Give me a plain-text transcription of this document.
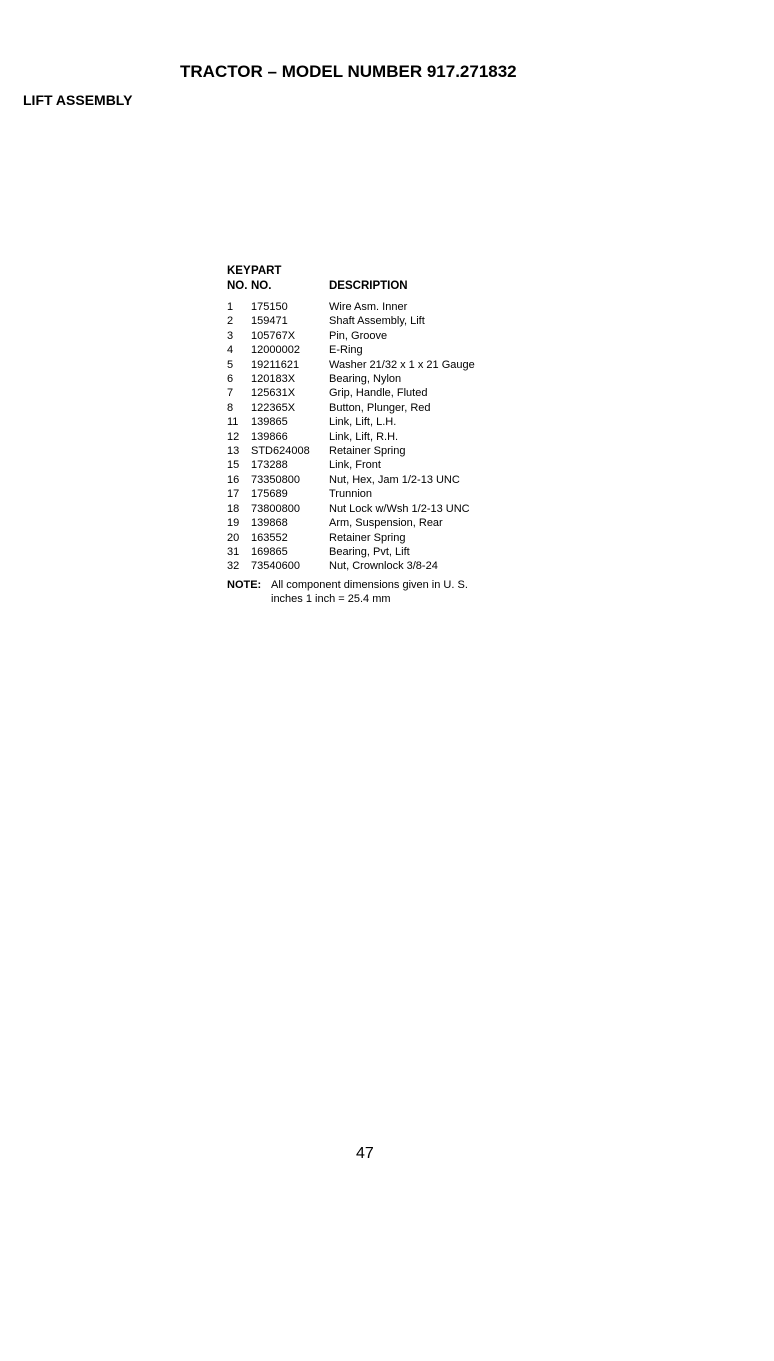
TRACTOR – MODEL NUMBER 917.271832
LIFT ASSEMBLY
KEY PART
NO. NO.	DESCRIPTION
1	175150	Wire Asm. Inner
2	159471	Shaft Assembly, Lift
3	105767X	Pin, Groove
4	12000002	E-Ring
5	19211621	Washer 21/32 x 1 x 21 Gauge
6	120183X	Bearing, Nylon
7	125631X	Grip, Handle, Fluted
8	122365X	Button, Plunger, Red
11	139865	Link, Lift, L.H.
12	139866	Link, Lift, R.H.
13	STD624008	Retainer Spring
15	173288	Link, Front
16	73350800	Nut, Hex, Jam 1/2-13 UNC
17	175689	Trunnion
18	73800800	Nut Lock w/Wsh 1/2-13 UNC
19	139868	Arm, Suspension, Rear
20	163552	Retainer Spring
31	169865	Bearing, Pvt, Lift
32	73540600	Nut, Crownlock 3/8-24
NOTE: All component dimensions given in U. S.
inches 1 inch = 25.4 mm
47
